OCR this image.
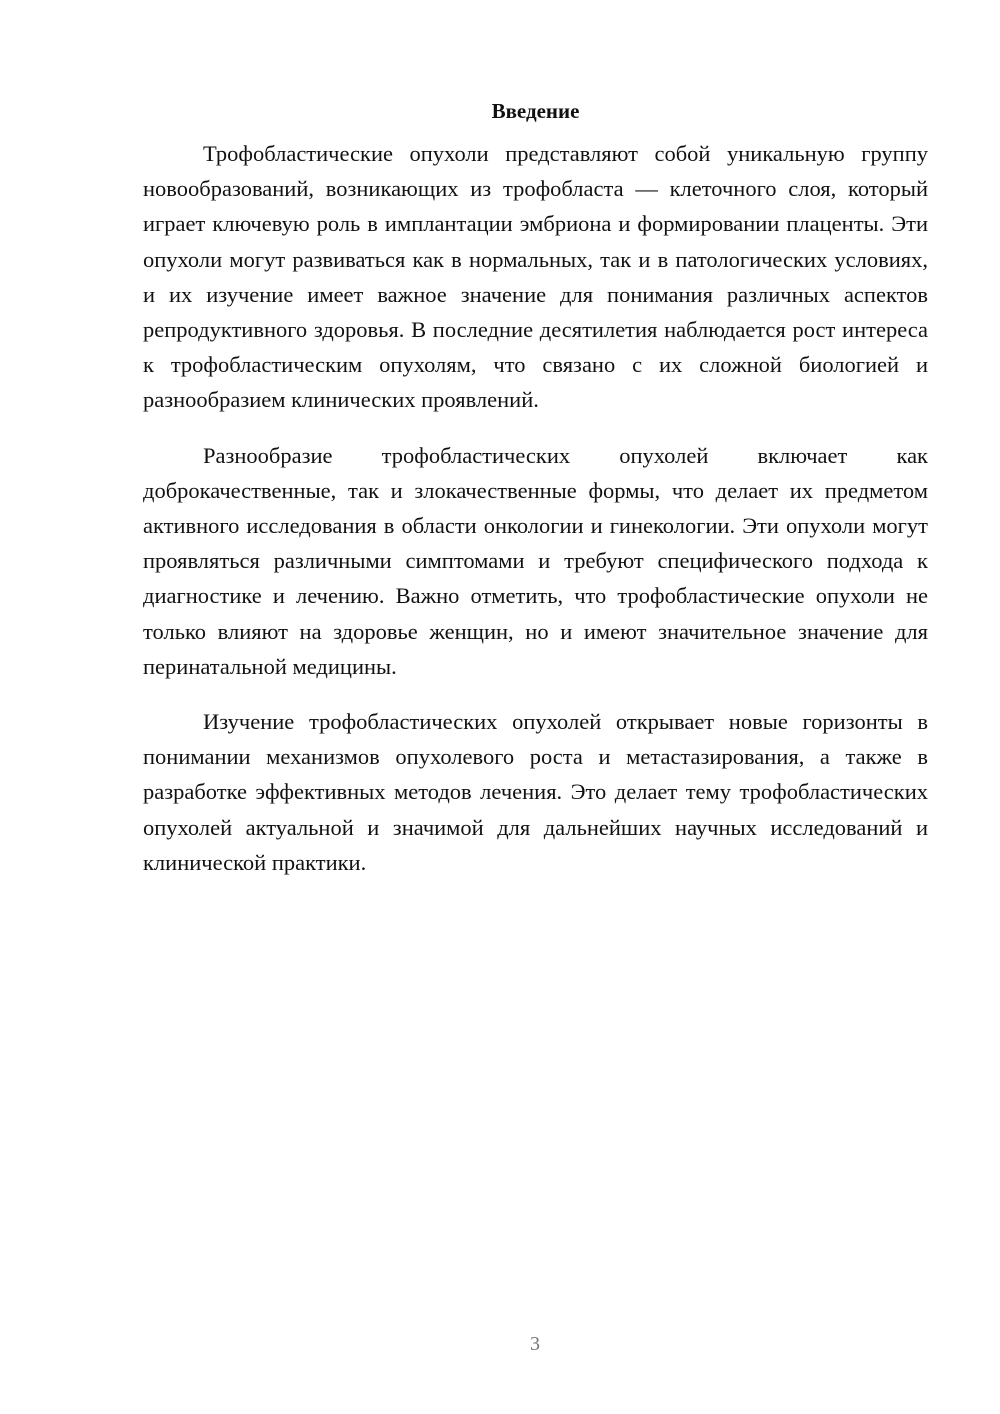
Введение

Трофобластические опухоли представляют собой уникальную группу новообразований, возникающих из трофобласта — клеточного слоя, который играет ключевую роль в имплантации эмбриона и формировании плаценты. Эти опухоли могут развиваться как в нормальных, так и в патологических условиях, и их изучение имеет важное значение для понимания различных аспектов репродуктивного здоровья. В последние десятилетия наблюдается рост интереса к трофобластическим опухолям, что связано с их сложной биологией и разнообразием клинических проявлений.

Разнообразие трофобластических опухолей включает как доброкачественные, так и злокачественные формы, что делает их предметом активного исследования в области онкологии и гинекологии. Эти опухоли могут проявляться различными симптомами и требуют специфического подхода к диагностике и лечению. Важно отметить, что трофобластические опухоли не только влияют на здоровье женщин, но и имеют значительное значение для перинатальной медицины.

Изучение трофобластических опухолей открывает новые горизонты в понимании механизмов опухолевого роста и метастазирования, а также в разработке эффективных методов лечения. Это делает тему трофобластических опухолей актуальной и значимой для дальнейших научных исследований и клинической практики.

3
